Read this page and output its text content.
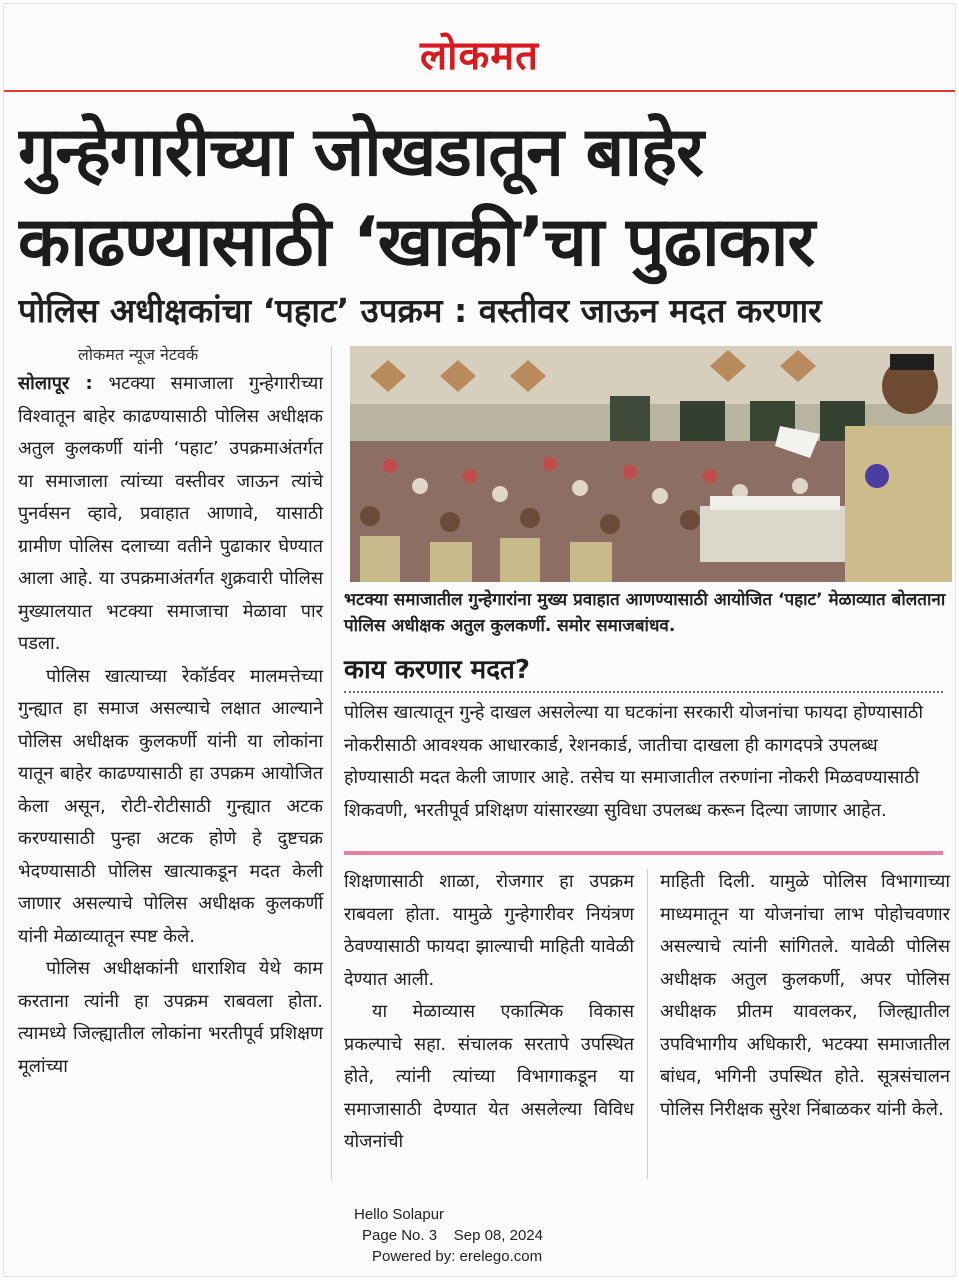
लोकमत
गुन्हेगारीच्या जोखडातून बाहेर
काढण्यासाठी ‘खाकी’चा पुढाकार
पोलिस अधीक्षकांचा ‘पहाट’ उपक्रम : वस्तीवर जाऊन मदत करणार
लोकमत न्यूज नेटवर्क

सोलापूर : भटक्या समाजाला गुन्हेगारीच्या विश्वातून बाहेर काढण्यासाठी पोलिस अधीक्षक अतुल कुलकर्णी यांनी ‘पहाट’ उपक्रमाअंतर्गत या समाजाला त्यांच्या वस्तीवर जाऊन त्यांचे पुनर्वसन व्हावे, प्रवाहात आणावे, यासाठी ग्रामीण पोलिस दलाच्या वतीने पुढाकार घेण्यात आला आहे. या उपक्रमाअंतर्गत शुक्रवारी पोलिस मुख्यालयात भटक्या समाजाचा मेळावा पार पडला.

पोलिस खात्याच्या रेकॉर्डवर मालमत्तेच्या गुन्ह्यात हा समाज असल्याचे लक्षात आल्याने पोलिस अधीक्षक कुलकर्णी यांनी या लोकांना यातून बाहेर काढण्यासाठी हा उपक्रम आयोजित केला असून, रोटी-रोटीसाठी गुन्ह्यात अटक करण्यासाठी पुन्हा अटक होणे हे दुष्टचक्र भेदण्यासाठी पोलिस खात्याकडून मदत केली जाणार असल्याचे पोलिस अधीक्षक कुलकर्णी यांनी मेळाव्यातून स्पष्ट केले.

पोलिस अधीक्षकांनी धाराशिव येथे काम करताना त्यांनी हा उपक्रम राबवला होता. त्यामध्ये जिल्ह्यातील लोकांना भरतीपूर्व प्रशिक्षण मूलांच्या

भटक्या समाजातील गुन्हेगारांना मुख्य प्रवाहात आणण्यासाठी आयोजित ‘पहाट’ मेळाव्यात बोलताना पोलिस अधीक्षक अतुल कुलकर्णी. समोर समाजबांधव.
काय करणार मदत?
पोलिस खात्यातून गुन्हे दाखल असलेल्या या घटकांना सरकारी योजनांचा फायदा होण्यासाठी नोकरीसाठी आवश्यक आधारकार्ड, रेशनकार्ड, जातीचा दाखला ही कागदपत्रे उपलब्ध होण्यासाठी मदत केली जाणार आहे. तसेच या समाजातील तरुणांना नोकरी मिळवण्यासाठी शिकवणी, भरतीपूर्व प्रशिक्षण यांसारख्या सुविधा उपलब्ध करून दिल्या जाणार आहेत.

शिक्षणासाठी शाळा, रोजगार हा उपक्रम राबवला होता. यामुळे गुन्हेगारीवर नियंत्रण ठेवण्यासाठी फायदा झाल्याची माहिती यावेळी देण्यात आली.

या मेळाव्यास एकात्मिक विकास प्रकल्पाचे सहा. संचालक सरतापे उपस्थित होते, त्यांनी त्यांच्या विभागाकडून या समाजासाठी देण्यात येत असलेल्या विविध योजनांची

माहिती दिली. यामुळे पोलिस विभागाच्या माध्यमातून या योजनांचा लाभ पोहोचवणार असल्याचे त्यांनी सांगितले. यावेळी पोलिस अधीक्षक अतुल कुलकर्णी, अपर पोलिस अधीक्षक प्रीतम यावलकर, जिल्ह्यातील उपविभागीय अधिकारी, भटक्या समाजातील बांधव, भगिनी उपस्थित होते. सूत्रसंचालन पोलिस निरीक्षक सुरेश निंबाळकर यांनी केले.

Hello Solapur
Page No. 3    Sep 08, 2024
Powered by: erelego.com
